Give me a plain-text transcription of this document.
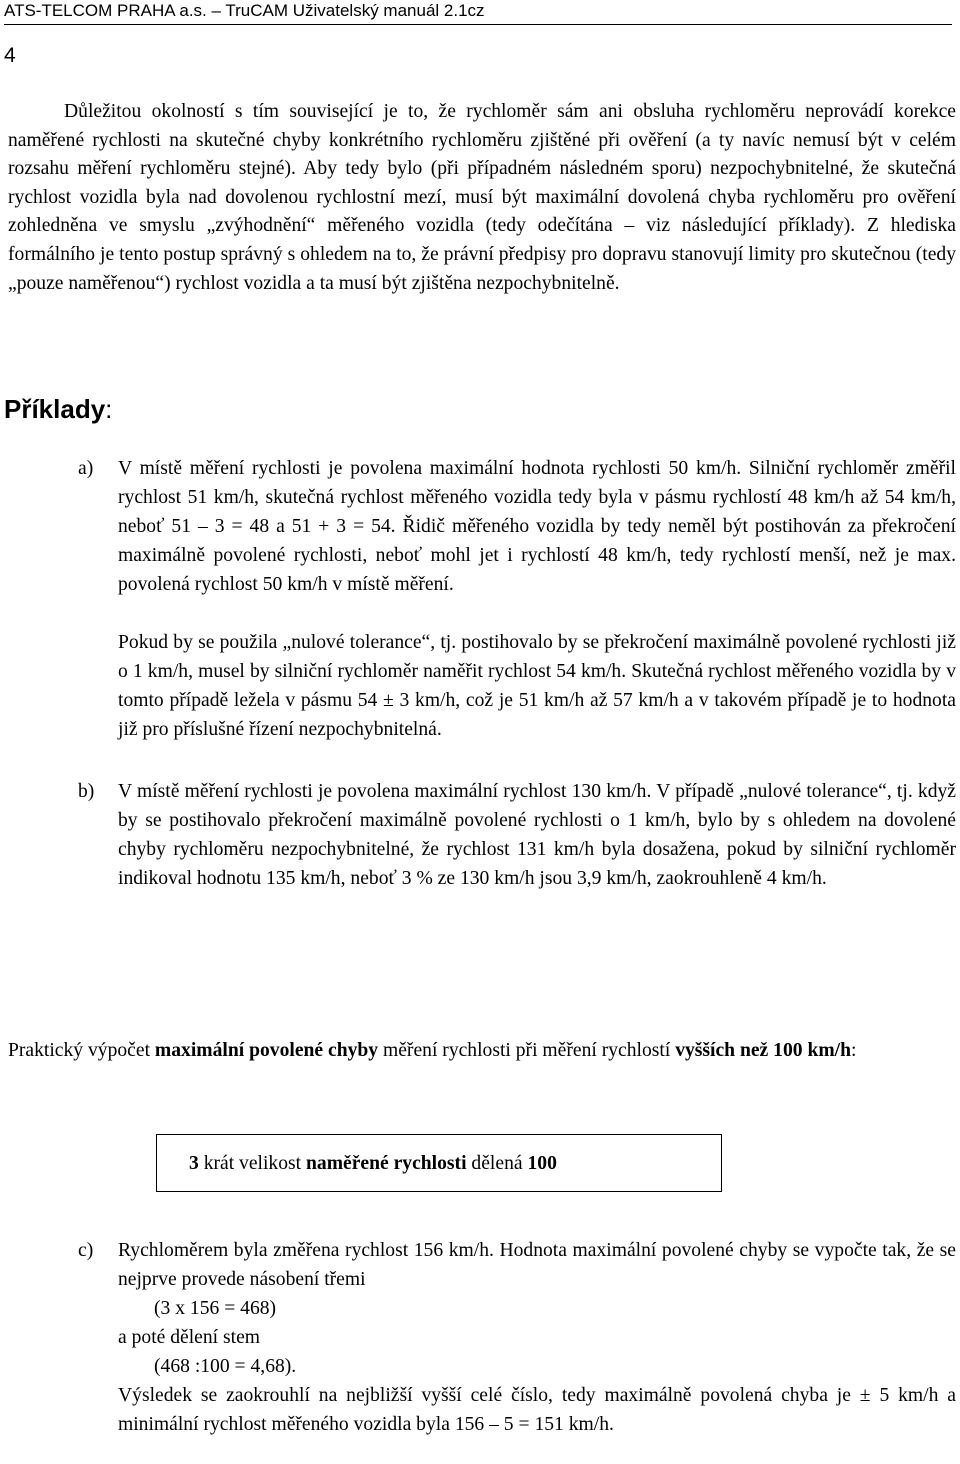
ATS-TELCOM PRAHA a.s. – TruCAM Uživatelský manuál 2.1cz
4

Důležitou okolností s tím související je to, že rychloměr sám ani obsluha rychloměru neprovádí korekce naměřené rychlosti na skutečné chyby konkrétního rychloměru zjištěné při ověření (a ty navíc nemusí být v celém rozsahu měření rychloměru stejné). Aby tedy bylo (při případném následném sporu) nezpochybnitelné, že skutečná rychlost vozidla byla nad dovolenou rychlostní mezí, musí být maximální dovolená chyba rychloměru pro ověření zohledněna ve smyslu „zvýhodnění“ měřeného vozidla (tedy odečítána – viz následující příklady). Z hlediska formálního je tento postup správný s ohledem na to, že právní předpisy pro dopravu stanovují limity pro skutečnou (tedy „pouze naměřenou“) rychlost vozidla a ta musí být zjištěna nezpochybnitelně.

Příklady:
a) V místě měření rychlosti je povolena maximální hodnota rychlosti 50 km/h. Silniční rychloměr změřil rychlost 51 km/h, skutečná rychlost měřeného vozidla tedy byla v pásmu rychlostí 48 km/h až 54 km/h, neboť 51 – 3 = 48 a 51 + 3 = 54. Řidič měřeného vozidla by tedy neměl být postihován za překročení maximálně povolené rychlosti, neboť mohl jet i rychlostí 48 km/h, tedy rychlostí menší, než je max. povolená rychlost 50 km/h v místě měření.

Pokud by se použila „nulové tolerance“, tj. postihovalo by se překročení maximálně povolené rychlosti již o 1 km/h, musel by silniční rychloměr naměřit rychlost 54 km/h. Skutečná rychlost měřeného vozidla by v tomto případě ležela v pásmu 54 ± 3 km/h, což je 51 km/h až 57 km/h a v takovém případě je to hodnota již pro příslušné řízení nezpochybnitelná.

b) V místě měření rychlosti je povolena maximální rychlost 130 km/h. V případě „nulové tolerance“, tj. když by se postihovalo překročení maximálně povolené rychlosti o 1 km/h, bylo by s ohledem na dovolené chyby rychloměru nezpochybnitelné, že rychlost 131 km/h byla dosažena, pokud by silniční rychloměr indikoval hodnotu 135 km/h, neboť 3 % ze 130 km/h jsou 3,9 km/h, zaokrouhleně 4 km/h.

Praktický výpočet maximální povolené chyby měření rychlosti při měření rychlostí vyšších než 100 km/h:

3 krát velikost naměřené rychlosti dělená 100
c) Rychloměrem byla změřena rychlost 156 km/h. Hodnota maximální povolené chyby se vypočte tak, že se nejprve provede násobení třemi

(3 x 156 = 468)

a poté dělení stem

(468 :100 = 4,68).

Výsledek se zaokrouhlí na nejbližší vyšší celé číslo, tedy maximálně povolená chyba je ± 5 km/h a minimální rychlost měřeného vozidla byla 156 – 5 = 151 km/h.
